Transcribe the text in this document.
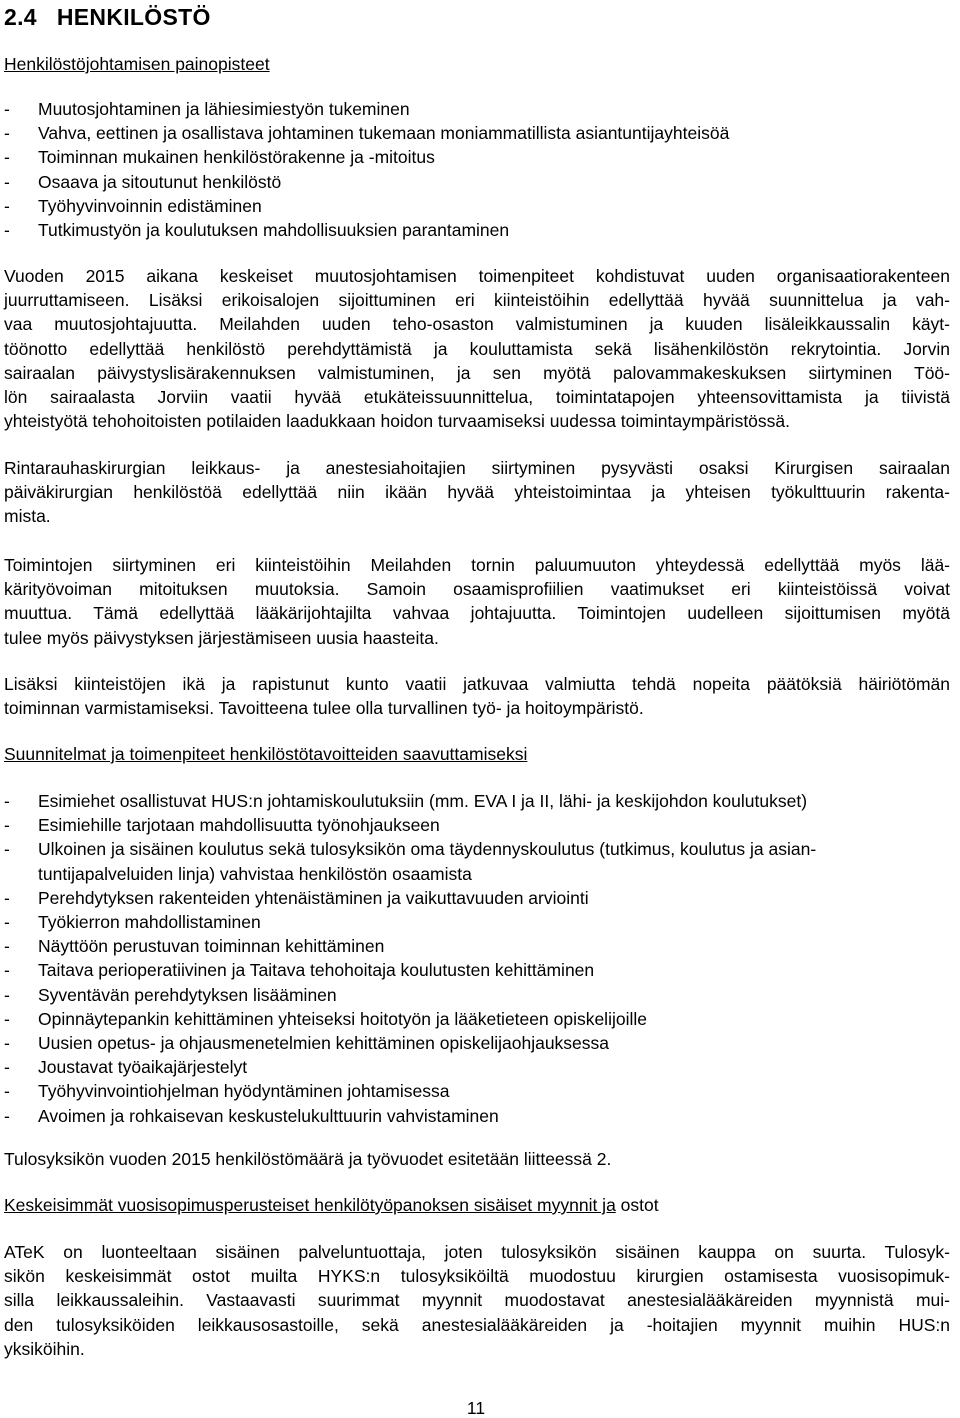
2.4 HENKILÖSTÖ

Henkilöstöjohtamisen painopisteet

- Muutosjohtaminen ja lähiesimiestyön tukeminen
- Vahva, eettinen ja osallistava johtaminen tukemaan moniammatillista asiantuntijayhteisöä
- Toiminnan mukainen henkilöstörakenne ja -mitoitus
- Osaava ja sitoutunut henkilöstö
- Työhyvinvoinnin edistäminen
- Tutkimustyön ja koulutuksen mahdollisuuksien parantaminen
Vuoden 2015 aikana keskeiset muutosjohtamisen toimenpiteet kohdistuvat uuden organisaatiorakenteen
juurruttamiseen. Lisäksi erikoisalojen sijoittuminen eri kiinteistöihin edellyttää hyvää suunnittelua ja vah-
vaa muutosjohtajuutta. Meilahden uuden teho-osaston valmistuminen ja kuuden lisäleikkaussalin käyt-
töönotto edellyttää henkilöstö perehdyttämistä ja kouluttamista sekä lisähenkilöstön rekrytointia. Jorvin
sairaalan päivystyslisärakennuksen valmistuminen, ja sen myötä palovammakeskuksen siirtyminen Töö-
lön sairaalasta Jorviin vaatii hyvää etukäteissuunnittelua, toimintatapojen yhteensovittamista ja tiivistä
yhteistyötä tehohoitoisten potilaiden laadukkaan hoidon turvaamiseksi uudessa toimintaympäristössä.
Rintarauhaskirurgian leikkaus- ja anestesiahoitajien siirtyminen pysyvästi osaksi Kirurgisen sairaalan
päiväkirurgian henkilöstöä edellyttää niin ikään hyvää yhteistoimintaa ja yhteisen työkulttuurin rakenta-
mista.
Toimintojen siirtyminen eri kiinteistöihin Meilahden tornin paluumuuton yhteydessä edellyttää myös lää-
kärityövoiman mitoituksen muutoksia. Samoin osaamisprofiilien vaatimukset eri kiinteistöissä voivat
muuttua. Tämä edellyttää lääkärijohtajilta vahvaa johtajuutta. Toimintojen uudelleen sijoittumisen myötä
tulee myös päivystyksen järjestämiseen uusia haasteita.
Lisäksi kiinteistöjen ikä ja rapistunut kunto vaatii jatkuvaa valmiutta tehdä nopeita päätöksiä häiriötömän
toiminnan varmistamiseksi. Tavoitteena tulee olla turvallinen työ- ja hoitoympäristö.

Suunnitelmat ja toimenpiteet henkilöstötavoitteiden saavuttamiseksi

- Esimiehet osallistuvat HUS:n johtamiskoulutuksiin (mm. EVA I ja II, lähi- ja keskijohdon koulutukset)
- Esimiehille tarjotaan mahdollisuutta työnohjaukseen
- Ulkoinen ja sisäinen koulutus sekä tulosyksikön oma täydennyskoulutus (tutkimus, koulutus ja asian-
tuntijapalveluiden linja) vahvistaa henkilöstön osaamista
- Perehdytyksen rakenteiden yhtenäistäminen ja vaikuttavuuden arviointi
- Työkierron mahdollistaminen
- Näyttöön perustuvan toiminnan kehittäminen
- Taitava perioperatiivinen ja Taitava tehohoitaja koulutusten kehittäminen
- Syventävän perehdytyksen lisääminen
- Opinnäytepankin kehittäminen yhteiseksi hoitotyön ja lääketieteen opiskelijoille
- Uusien opetus- ja ohjausmenetelmien kehittäminen opiskelijaohjauksessa
- Joustavat työaikajärjestelyt
- Työhyvinvointiohjelman hyödyntäminen johtamisessa
- Avoimen ja rohkaisevan keskustelukulttuurin vahvistaminen

Tulosyksikön vuoden 2015 henkilöstömäärä ja työvuodet esitetään liitteessä 2.

Keskeisimmät vuosisopimusperusteiset henkilötyöpanoksen sisäiset myynnit ja ostot

ATeK on luonteeltaan sisäinen palveluntuottaja, joten tulosyksikön sisäinen kauppa on suurta. Tulosyk-
sikön keskeisimmät ostot muilta HYKS:n tulosyksiköiltä muodostuu kirurgien ostamisesta vuosisopimuk-
silla leikkaussaleihin. Vastaavasti suurimmat myynnit muodostavat anestesialääkäreiden myynnistä mui-
den tulosyksiköiden leikkausosastoille, sekä anestesialääkäreiden ja -hoitajien myynnit muihin HUS:n
yksiköihin.
11
